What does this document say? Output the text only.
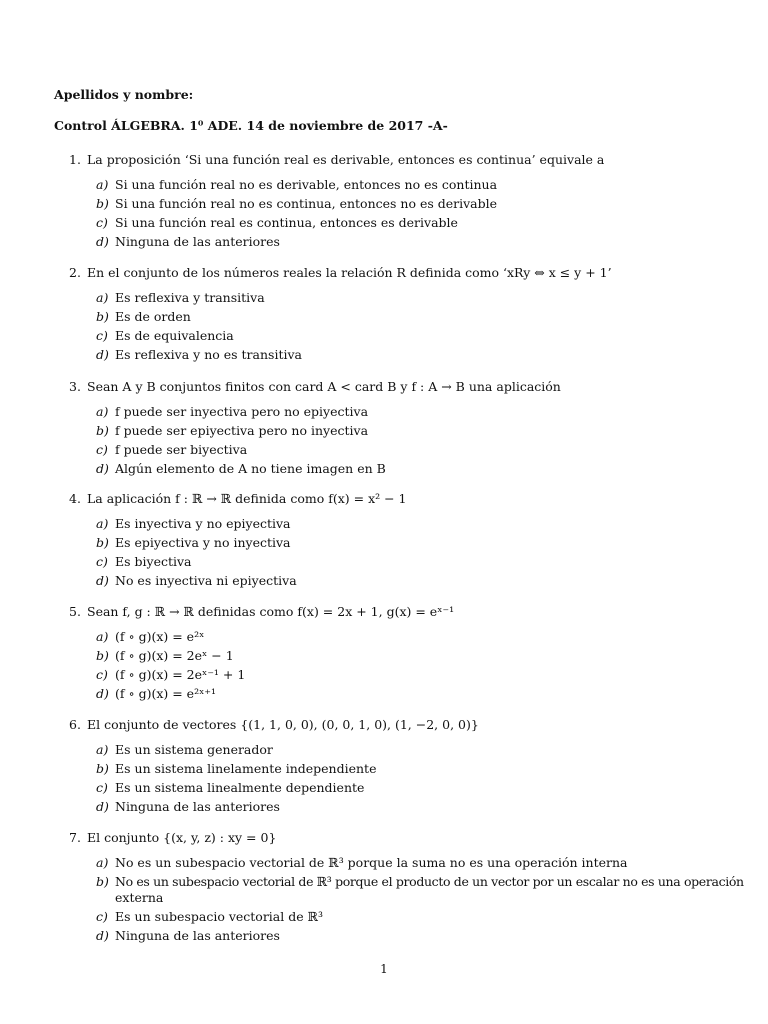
Apellidos y nombre:
Control ÁLGEBRA. 1⁰ ADE. 14 de noviembre de 2017 -A-
1. La proposición ‘Si una función real es derivable, entonces es continua’ equivale a
a) Si una función real no es derivable, entonces no es continua
b) Si una función real no es continua, entonces no es derivable
c) Si una función real es continua, entonces es derivable
d) Ninguna de las anteriores
2. En el conjunto de los números reales la relación R definida como ‘xRy ⇔ x ≤ y + 1’
a) Es reflexiva y transitiva
b) Es de orden
c) Es de equivalencia
d) Es reflexiva y no es transitiva
3. Sean A y B conjuntos finitos con card A < card B y f : A → B una aplicación
a) f puede ser inyectiva pero no epiyectiva
b) f puede ser epiyectiva pero no inyectiva
c) f puede ser biyectiva
d) Algún elemento de A no tiene imagen en B
4. La aplicación f : ℝ → ℝ definida como f(x) = x² − 1
a) Es inyectiva y no epiyectiva
b) Es epiyectiva y no inyectiva
c) Es biyectiva
d) No es inyectiva ni epiyectiva
5. Sean f, g : ℝ → ℝ definidas como f(x) = 2x + 1, g(x) = eˣ⁻¹
a) (f ∘ g)(x) = e²ˣ
b) (f ∘ g)(x) = 2eˣ − 1
c) (f ∘ g)(x) = 2eˣ⁻¹ + 1
d) (f ∘ g)(x) = e²ˣ⁺¹
6. El conjunto de vectores {(1, 1, 0, 0), (0, 0, 1, 0), (1, −2, 0, 0)}
a) Es un sistema generador
b) Es un sistema linelamente independiente
c) Es un sistema linealmente dependiente
d) Ninguna de las anteriores
7. El conjunto {(x, y, z) : xy = 0}
a) No es un subespacio vectorial de ℝ³ porque la suma no es una operación interna
b) No es un subespacio vectorial de ℝ³ porque el producto de un vector por un escalar no es una operación
externa
c) Es un subespacio vectorial de ℝ³
d) Ninguna de las anteriores
1
